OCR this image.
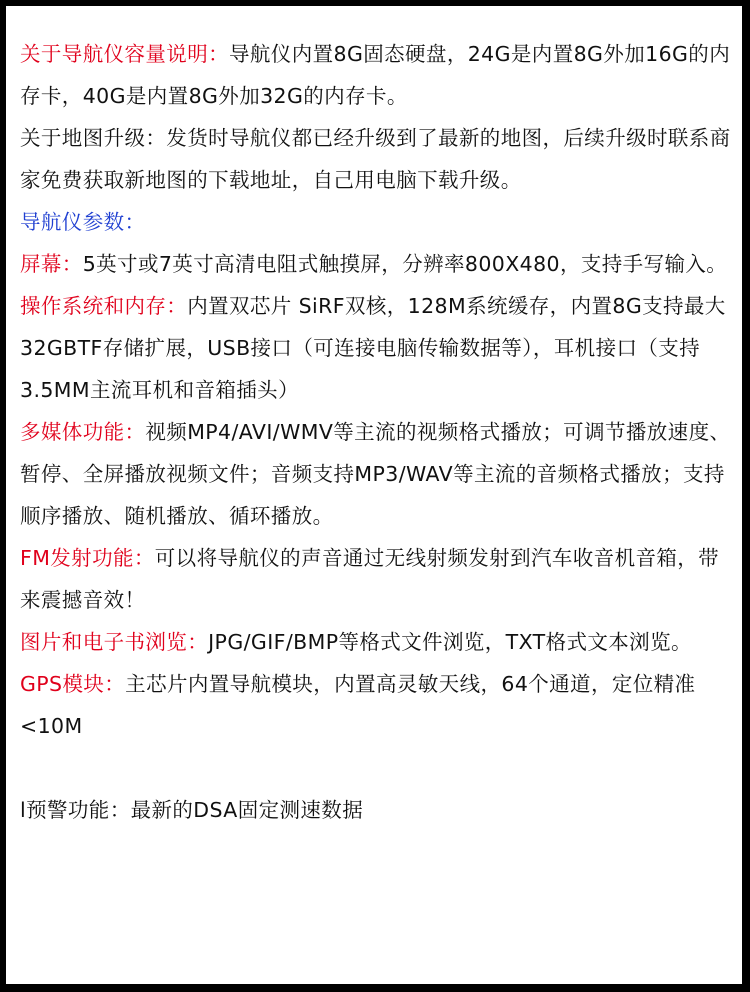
关于导航仪容量说明：导航仪内置8G固态硬盘，24G是内置8G外加16G的内存卡，40G是内置8G外加32G的内存卡。

关于地图升级：发货时导航仪都已经升级到了最新的地图，后续升级时联系商家免费获取新地图的下载地址，自己用电脑下载升级。

导航仪参数：

屏幕：5英寸或7英寸高清电阻式触摸屏，分辨率800X480，支持手写输入。

操作系统和内存：内置双芯片 SiRF双核，128M系统缓存，内置8G支持最大32GBTF存储扩展，USB接口（可连接电脑传输数据等），耳机接口（支持3.5MM主流耳机和音箱插头）

多媒体功能：视频MP4/AVI/WMV等主流的视频格式播放；可调节播放速度、暂停、全屏播放视频文件；音频支持MP3/WAV等主流的音频格式播放；支持顺序播放、随机播放、循环播放。

FM发射功能：可以将导航仪的声音通过无线射频发射到汽车收音机音箱，带来震撼音效！

图片和电子书浏览：JPG/GIF/BMP等格式文件浏览，TXT格式文本浏览。

GPS模块：主芯片内置导航模块，内置高灵敏天线，64个通道，定位精准<10M

l预警功能：最新的DSA固定测速数据
